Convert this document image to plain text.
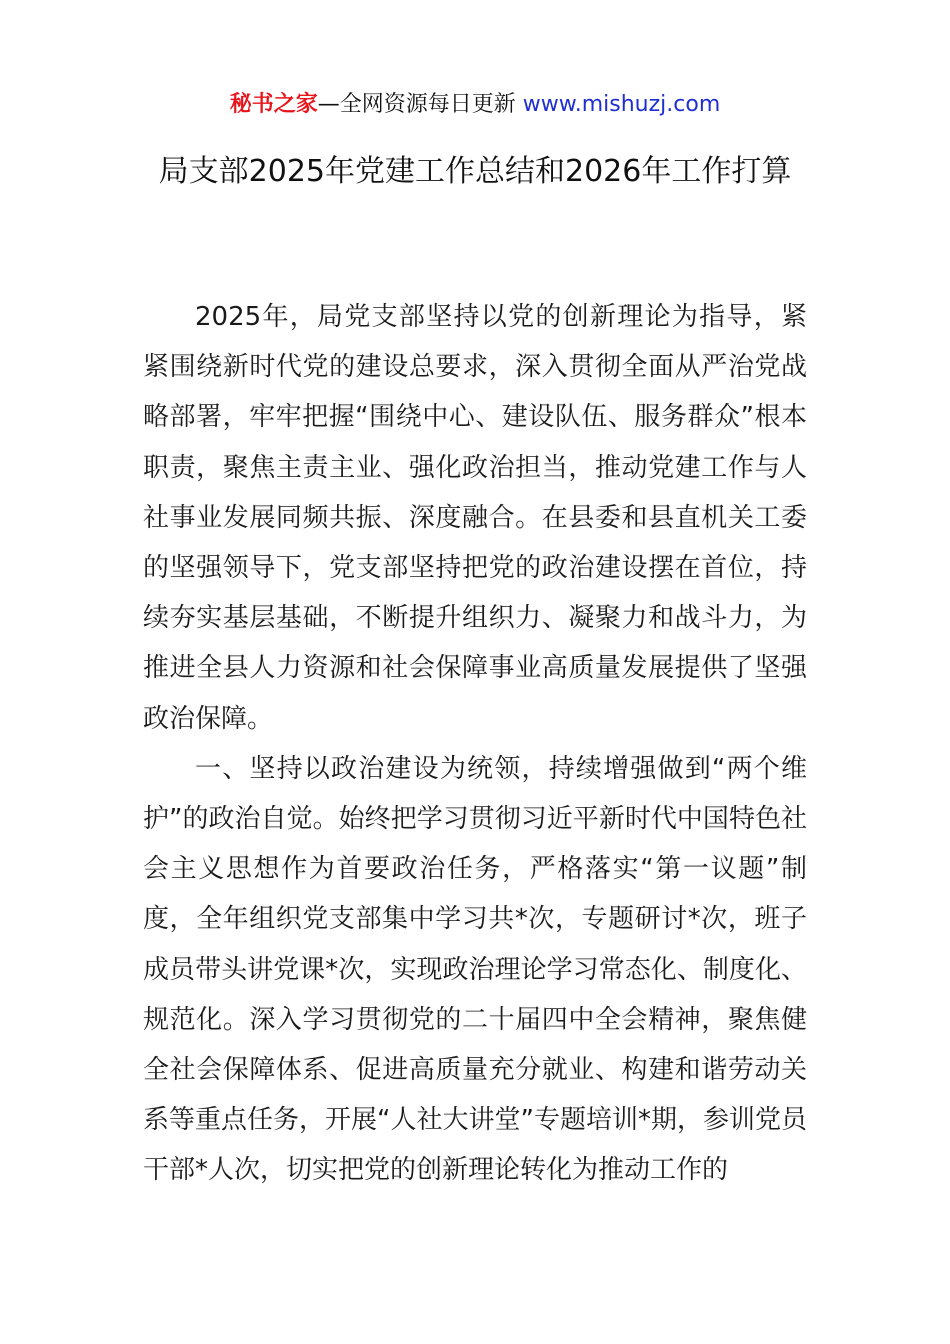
秘书之家—全网资源每日更新 www.mishuzj.com
局支部2025年党建工作总结和2026年工作打算

2025年，局党支部坚持以党的创新理论为指导，紧紧围绕新时代党的建设总要求，深入贯彻全面从严治党战略部署，牢牢把握“围绕中心、建设队伍、服务群众”根本职责，聚焦主责主业、强化政治担当，推动党建工作与人社事业发展同频共振、深度融合。在县委和县直机关工委的坚强领导下，党支部坚持把党的政治建设摆在首位，持续夯实基层基础，不断提升组织力、凝聚力和战斗力，为推进全县人力资源和社会保障事业高质量发展提供了坚强政治保障。

一、坚持以政治建设为统领，持续增强做到“两个维护”的政治自觉。始终把学习贯彻习近平新时代中国特色社会主义思想作为首要政治任务，严格落实“第一议题”制度，全年组织党支部集中学习共*次，专题研讨*次，班子成员带头讲党课*次，实现政治理论学习常态化、制度化、规范化。深入学习贯彻党的二十届四中全会精神，聚焦健全社会保障体系、促进高质量充分就业、构建和谐劳动关系等重点任务，开展“人社大讲堂”专题培训*期，参训党员干部*人次，切实把党的创新理论转化为推动工作的
